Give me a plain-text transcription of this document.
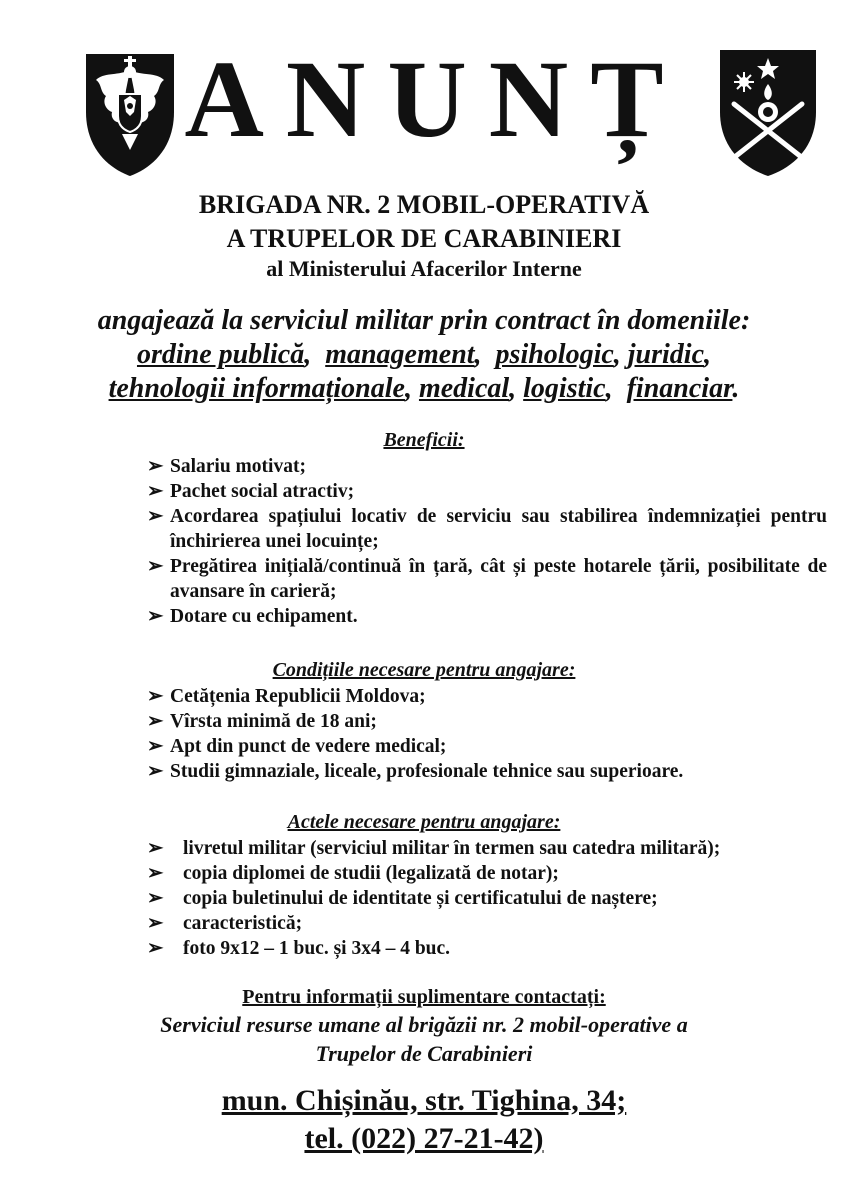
ANUNȚ
BRIGADA NR. 2 MOBIL-OPERATIVĂ
A TRUPELOR DE CARABINIERI
al Ministerului Afacerilor Interne
angajează la serviciul militar prin contract în domeniile:
ordine publică,  management,  psihologic, juridic,
tehnologii informaționale, medical, logistic,  financiar.
Beneficii:
➢ Salariu motivat;
➢ Pachet social atractiv;
➢ Acordarea spațiului locativ de serviciu sau stabilirea îndemnizației pentru închirierea unei locuințe;
➢ Pregătirea inițială/continuă în țară, cât și peste hotarele țării, posibilitate de avansare în carieră;
➢ Dotare cu echipament.
Condițiile necesare pentru angajare:
➢ Cetățenia Republicii Moldova;
➢ Vîrsta minimă de 18 ani;
➢ Apt din punct de vedere medical;
➢ Studii gimnaziale, liceale, profesionale tehnice sau superioare.
Actele necesare pentru angajare:
➢ livretul militar (serviciul militar în termen sau catedra militară);
➢ copia diplomei de studii (legalizată de notar);
➢ copia buletinului de identitate și certificatului de naștere;
➢ caracteristică;
➢ foto 9x12 – 1 buc. și 3x4 – 4 buc.
Pentru informații suplimentare contactați:
Serviciul resurse umane al brigăzii nr. 2 mobil-operative a
Trupelor de Carabinieri
mun. Chișinău, str. Tighina, 34;
tel. (022) 27-21-42)
